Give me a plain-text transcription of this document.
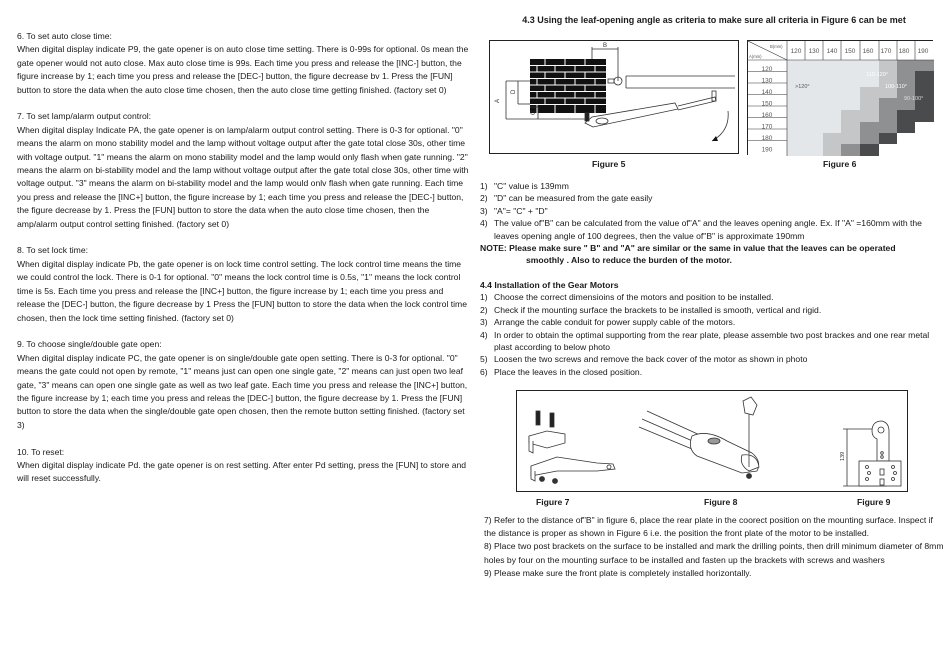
6. To set auto close time:
When digital display indicate P9, the gate opener is on auto close time setting. There is 0-99s for optional. 0s mean the gate opener would not auto close. Max auto close time is 99s. Each time you press and release the [INC-] button, the figure increase by 1; each time you press and release the [DEC-] button, the figure decrease bv 1. Press the [FUN] button to store the data when the auto close time chosen, then the auto close time getting finished. (factory set 0)
7. To set lamp/alarm output control:
When digital display Indicate PA, the gate opener is on lamp/alarm output control setting. There is 0-3 for optional. "0" means the alarm on mono stability model and the lamp without voltage output after the gate total close 30s, other time with voltage output. "1" means the alarm on mono stability model and the lamp would only flash when gate running. "2" means the alarm on bi-stability model and the lamp without voltage output after the gate total close 30s, other time with voltage output. "3" means the alarm on bi-stability model and the lamp would onlv flash when gate running. Each time you press and release the [INC+] button, the figure increase by 1; each time you press and release the [DEC-] button, the figure decrease by 1. Press the [FUN] button to store the data when the auto close time chosen, then the amp/alarm output control setting finished. (factory set 0)
8. To set lock time:
When digital display indicate Pb, the gate opener is on lock time control setting. The lock control time means the time we could control the lock. There is 0-1 for optional. "0" means the lock control time is 0.5s, "1" means the lock control time is 5s. Each time you press and release the [INC+] button, the figure increase by 1; each time you press and release the [DEC-] button, the figure decrease by 1 Press the [FUN] button to store the data when the lock control time chosen, then the lock time setting finished. (factory set 0)
9. To choose single/double gate open:
When digital display indicate PC, the gate opener is on single/double gate open setting. There is 0-3 for optional. "0" means the gate could not open by remote, "1" means just can open one single gate, "2" means can just open two leaf gate, "3" means can open one single gate as well as two leaf gate. Each time you press and release the [INC+] button, the figure increase by 1; each time you press and releas the [DEC-] button, the figure decrease by 1. Press the [FUN] button to store the data when the single/double gate open chosen, then the remote button setting finished. (factory set 3)
10. To reset:
When digital display indicate Pd. the gate opener is on rest setting. After enter Pd setting, press the [FUN] to store and will reset successfully.
4.3 Using the leaf-opening angle as criteria to make sure all criteria in Figure 6 can be met
B
A
D
C
Figure 5
120 130 140 150 160 170 180 190
120
130
140
150
160
170
180
190
B(mm)
A(mm)
>120°
110-120°
100-110°
90-100°
Figure 6
1) "C" value is 139mm
2) "D" can be measured from the gate easily
3) "A"= "C" + "D"
4) The value of"B" can be calculated from the value of"A" and the leaves opening angle. Ex. If "A" =160mm with the leaves opening angle of 100 degrees, then the value of"B" is approximate 190mm
NOTE: Please make sure " B" and "A" are similar or the same in value that the leaves can be operated
smoothly . Also to reduce the burden of the motor.
4.4 Installation of the Gear Motors
1) Choose the correct dimensioins of the motors and position to be installed.
2) Check if the mounting surface the brackets to be installed is smooth, vertical and rigid.
3) Arrange the cable conduit for power supply cable of the motors.
4) In order to obtain the optimal supporting from the rear plate, please assemble two post brackes and one rear metal plast according to below photo
5) Loosen the two screws and remove the back cover of the motor as shown in photo
6) Place the leaves in the closed position.
139
Figure 7	Figure 8	Figure 9
7) Refer to the distance of"B" in figure 6, place the rear plate in the coorect position on the mounting surface. Inspect if the distance is proper as shown in Figure 6 i.e. the position the front plate of the motor to be installed.
8) Place two post brackets on the surface to be installed and mark the drilling points, then drill minimum diameter of 8mm holes by four on the mounting surface to be installed and fasten up the brackets with screws and washers
9) Please make sure the front plate is completely installed horizontally.
